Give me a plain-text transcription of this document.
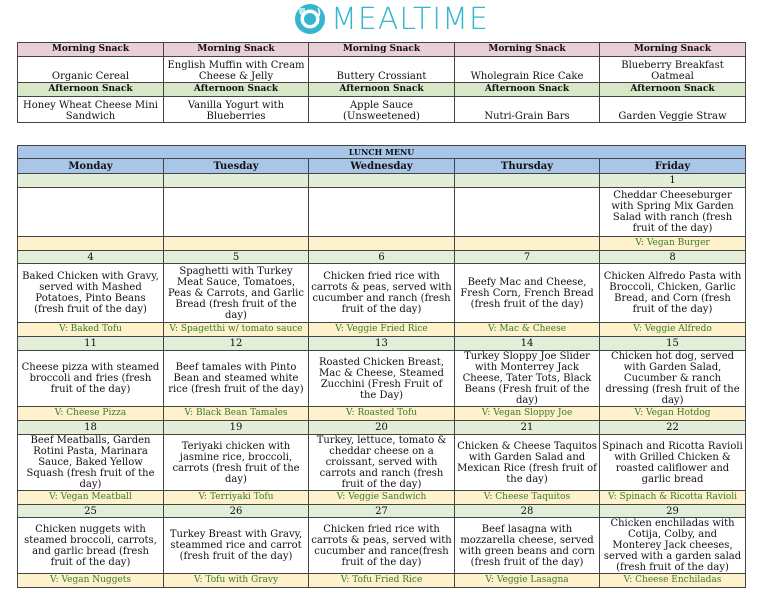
MEALTIME
Morning Snack	Morning Snack	Morning Snack	Morning Snack	Morning Snack
Organic Cereal	English Muffin with Cream Cheese & Jelly	Buttery Crossiant	Wholegrain Rice Cake	Blueberry Breakfast Oatmeal
Afternoon Snack	Afternoon Snack	Afternoon Snack	Afternoon Snack	Afternoon Snack
Honey Wheat Cheese Mini Sandwich	Vanilla Yogurt with Blueberries	Apple Sauce (Unsweetened)	Nutri-Grain Bars	Garden Veggie Straw
LUNCH MENU				
Monday	Tuesday	Wednesday	Thursday	Friday
				1
				Cheddar Cheeseburger with Spring Mix Garden Salad with ranch (fresh fruit of the day)
				V: Vegan Burger
4	5	6	7	8
Baked Chicken with Gravy, served with Mashed Potatoes, Pinto Beans (fresh fruit of the day)	Spaghetti with Turkey Meat Sauce, Tomatoes, Peas & Carrots, and Garlic Bread (fresh fruit of the day)	Chicken fried rice with carrots & peas, served with cucumber and ranch (fresh fruit of the day)	Beefy Mac and Cheese, Fresh Corn, French Bread (fresh fruit of the day)	Chicken Alfredo Pasta with Broccoli, Chicken, Garlic Bread, and Corn (fresh fruit of the day)
V: Baked Tofu	V: Spagetthi w/ tomato sauce	V: Veggie Fried Rice	V: Mac & Cheese	V: Veggie Alfredo
11	12	13	14	15
Cheese pizza with steamed broccoli and fries (fresh fruit of the day)	Beef tamales with Pinto Bean and steamed white rice (fresh fruit of the day)	Roasted Chicken Breast, Mac & Cheese, Steamed Zucchini (Fresh Fruit of the Day)	Turkey Sloppy Joe Slider with Monterrey Jack Cheese, Tater Tots, Black Beans (Fresh fruit of the day)	Chicken hot dog, served with Garden Salad, Cucumber & ranch dressing (fresh fruit of the day)
V: Cheese Pizza	V: Black Bean Tamales	V: Roasted Tofu	V: Vegan Sloppy Joe	V: Vegan Hotdog
18	19	20	21	22
Beef Meatballs, Garden Rotini Pasta, Marinara Sauce, Baked Yellow Squash (fresh fruit of the day)	Teriyaki chicken with jasmine rice, broccoli, carrots (fresh fruit of the day)	Turkey, lettuce, tomato & cheddar cheese on a croissant, served with carrots and ranch (fresh fruit of the day)	Chicken & Cheese Taquitos with Garden Salad and Mexican Rice (fresh fruit of the day)	Spinach and Ricotta Ravioli with Grilled Chicken & roasted califlower and garlic bread
V: Vegan Meatball	V: Terriyaki Tofu	V: Veggie Sandwich	V: Cheese Taquitos	V: Spinach & Ricotta Ravioli
25	26	27	28	29
Chicken nuggets with steamed broccoli, carrots, and garlic bread (fresh fruit of the day)	Turkey Breast with Gravy, steammed rice and carrot (fresh fruit of the day)	Chicken fried rice with carrots & peas, served with cucumber and rance(fresh fruit of the day)	Beef lasagna with mozzarella cheese, served with green beans and corn (fresh fruit of the day)	Chicken enchiladas with Cotija, Colby, and Monterey Jack cheeses, served with a garden salad (fresh fruit of the day)
V: Vegan Nuggets	V: Tofu with Gravy	V: Tofu Fried Rice	V: Veggie Lasagna	V: Cheese Enchiladas
